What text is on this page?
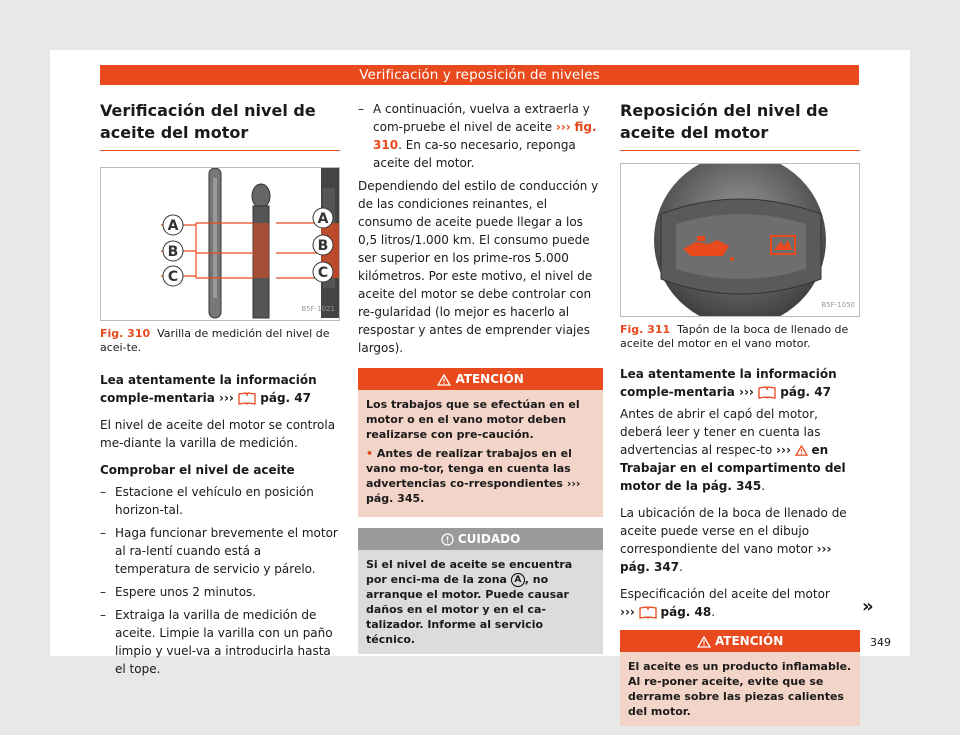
Verificación y reposición de niveles
Verificación del nivel de aceite del motor
A
B
C
A
B
C
B5F-1021

Fig. 310 Varilla de medición del nivel de acei-te.

Lea atentamente la información comple-mentaria ››› pág. 47

El nivel de aceite del motor se controla me-diante la varilla de medición.

Comprobar el nivel de aceite

– Estacione el vehículo en posición horizon-tal.
– Haga funcionar brevemente el motor al ra-lentí cuando está a temperatura de servicio y párelo.
– Espere unos 2 minutos.
– Extraiga la varilla de medición de aceite. Limpie la varilla con un paño limpio y vuel-va a introducirla hasta el tope.
– A continuación, vuelva a extraerla y com-pruebe el nivel de aceite ››› fig. 310. En ca-so necesario, reponga aceite del motor.

Dependiendo del estilo de conducción y de las condiciones reinantes, el consumo de aceite puede llegar a los 0,5 litros/1.000 km. El consumo puede ser superior en los prime-ros 5.000 kilómetros. Por este motivo, el nivel de aceite del motor se debe controlar con re-gularidad (lo mejor es hacerlo al respostar y antes de emprender viajes largos).

ATENCIÓN

Los trabajos que se efectúan en el motor o en el vano motor deben realizarse con pre-caución.

• Antes de realizar trabajos en el vano mo-tor, tenga en cuenta las advertencias co-rrespondientes ››› pág. 345.

CUIDADO
Si el nivel de aceite se encuentra por enci-ma de la zona A , no arranque el motor. Puede causar daños en el motor y en el ca-talizador. Informe al servicio técnico.
Reposición del nivel de aceite del motor
B5F-1050

Fig. 311 Tapón de la boca de llenado de aceite del motor en el vano motor.

Lea atentamente la información comple-mentaria ››› pág. 47

Antes de abrir el capó del motor, deberá leer y tener en cuenta las advertencias al respec-to ››› en Trabajar en el compartimento del motor de la pág. 345.

La ubicación de la boca de llenado de aceite puede verse en el dibujo correspondiente del vano motor ››› pág. 347.

Especificación del aceite del motor
››› pág. 48.

ATENCIÓN
El aceite es un producto inflamable. Al re-poner aceite, evite que se derrame sobre las piezas calientes del motor.
»
349
